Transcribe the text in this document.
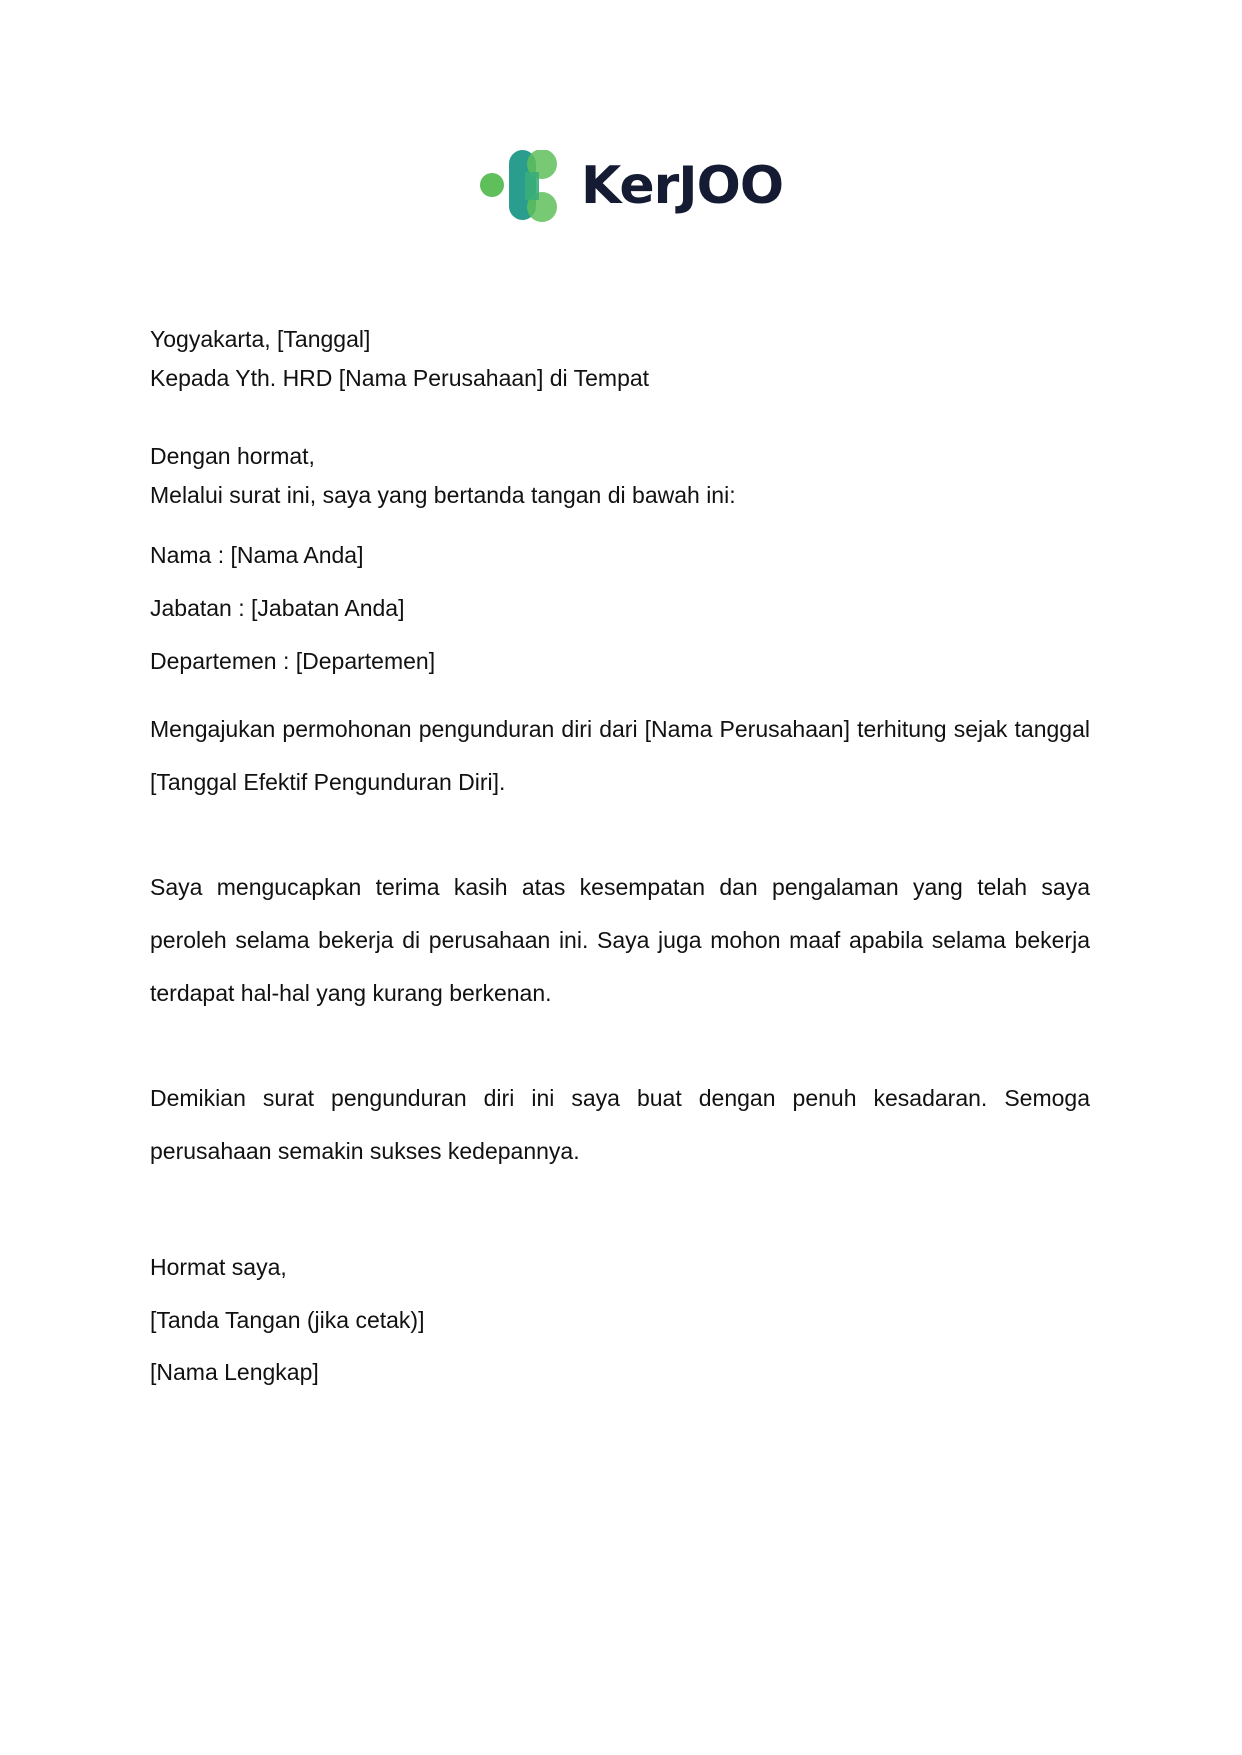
KerJOO
Yogyakarta, [Tanggal]
Kepada Yth. HRD [Nama Perusahaan] di Tempat
Dengan hormat,
Melalui surat ini, saya yang bertanda tangan di bawah ini:
Nama : [Nama Anda]
Jabatan : [Jabatan Anda]
Departemen : [Departemen]
Mengajukan permohonan pengunduran diri dari [Nama Perusahaan] terhitung sejak tanggal [Tanggal Efektif Pengunduran Diri].
Saya mengucapkan terima kasih atas kesempatan dan pengalaman yang telah saya peroleh selama bekerja di perusahaan ini. Saya juga mohon maaf apabila selama bekerja terdapat hal-hal yang kurang berkenan.
Demikian surat pengunduran diri ini saya buat dengan penuh kesadaran. Semoga perusahaan semakin sukses kedepannya.
Hormat saya,
[Tanda Tangan (jika cetak)]
[Nama Lengkap]
